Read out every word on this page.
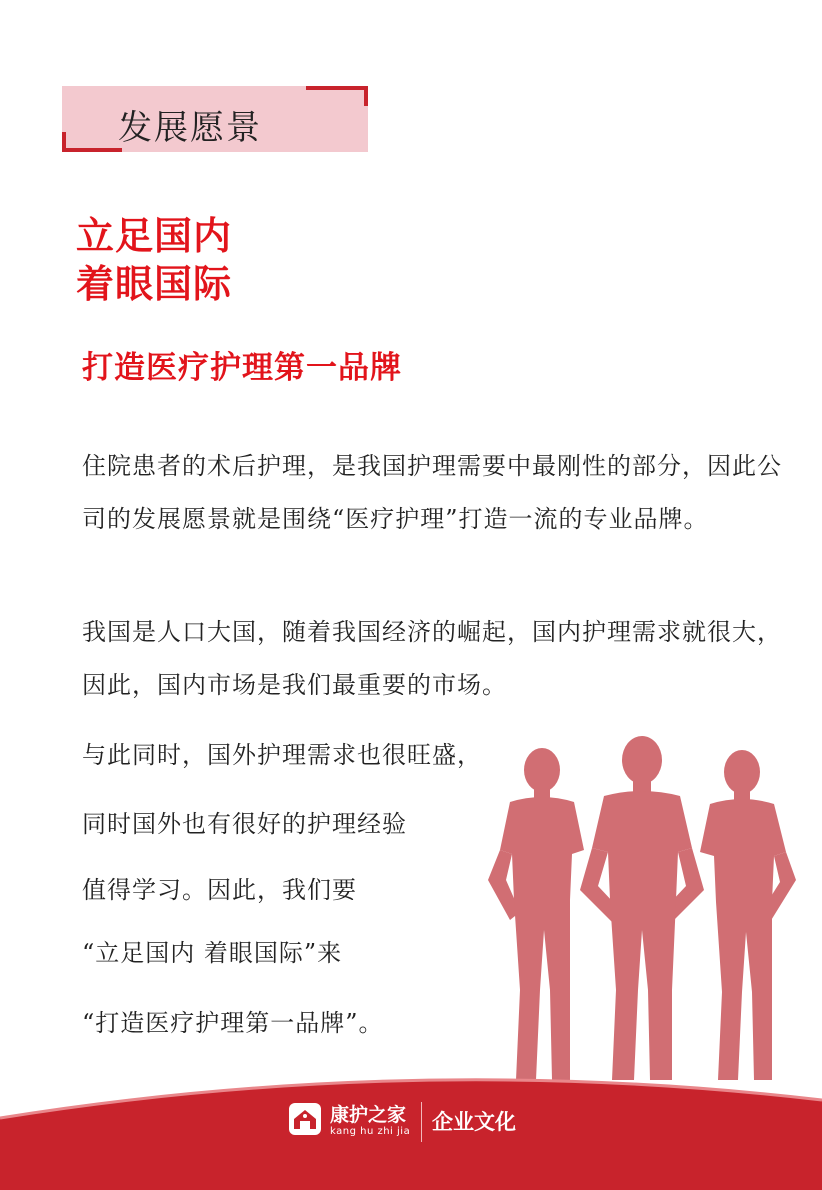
发展愿景
立足国内
着眼国际
打造医疗护理第一品牌
住院患者的术后护理，是我国护理需要中最刚性的部分，因此公司的发展愿景就是围绕“医疗护理”打造一流的专业品牌。
我国是人口大国，随着我国经济的崛起，国内护理需求就很大，因此，国内市场是我们最重要的市场。
与此同时，国外护理需求也很旺盛，
同时国外也有很好的护理经验
值得学习。因此，我们要
“立足国内 着眼国际”来
“打造医疗护理第一品牌”。
康护之家
kang hu zhi jia 企业文化
